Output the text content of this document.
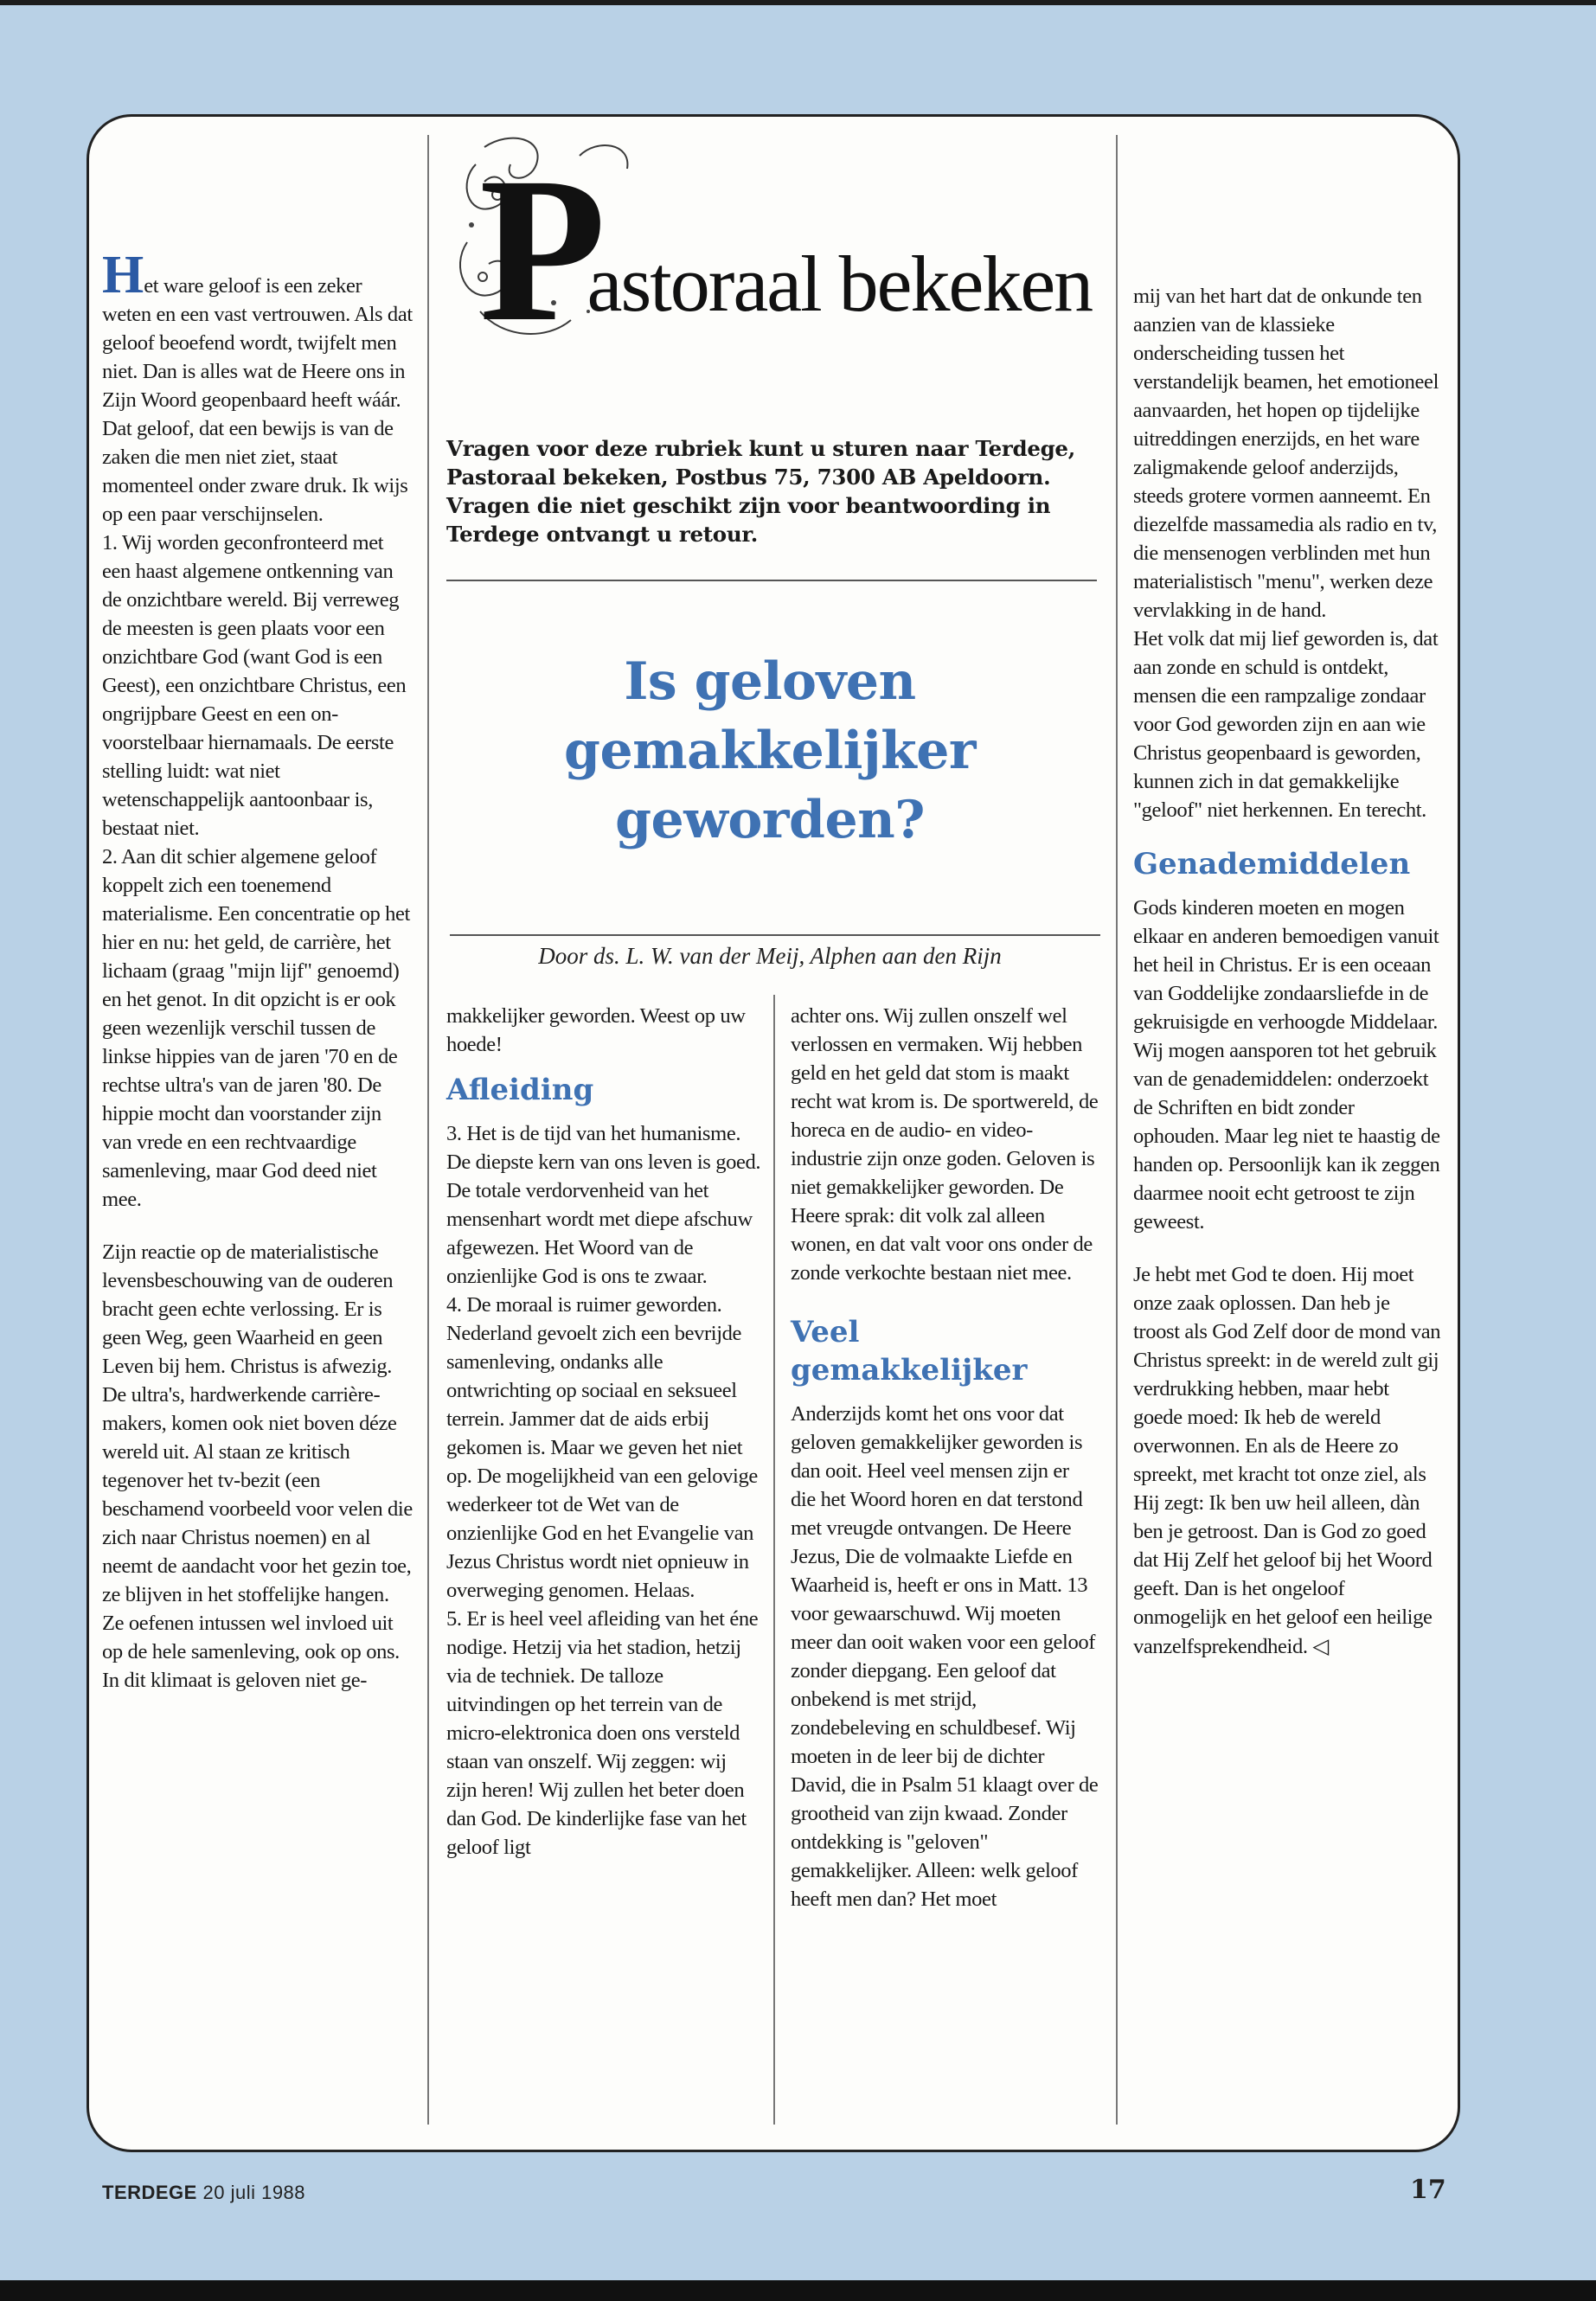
Pastoraal bekeken
Vragen voor deze rubriek kunt u sturen naar Terdege, Pastoraal bekeken, Postbus 75, 7300 AB Apeldoorn. Vragen die niet geschikt zijn voor beantwoording in Terdege ontvangt u retour.
Is geloven
gemakkelijker
geworden?
Door ds. L. W. van der Meij, Alphen aan den Rijn

Het ware geloof is een zeker weten en een vast vertrouwen. Als dat geloof beoefend wordt, twijfelt men niet. Dan is alles wat de Heere ons in Zijn Woord geopenbaard heeft wáár. Dat geloof, dat een bewijs is van de zaken die men niet ziet, staat momenteel onder zware druk. Ik wijs op een paar verschijnselen.

1. Wij worden geconfronteerd met een haast algemene ontkenning van de onzichtbare wereld. Bij verreweg de meesten is geen plaats voor een onzichtbare God (want God is een Geest), een onzichtbare Christus, een ongrijpbare Geest en een on-voorstelbaar hiernamaals. De eerste stelling luidt: wat niet wetenschappelijk aantoonbaar is, bestaat niet.

2. Aan dit schier algemene geloof koppelt zich een toenemend materialisme. Een concentratie op het hier en nu: het geld, de carrière, het lichaam (graag "mijn lijf" genoemd) en het genot. In dit opzicht is er ook geen wezenlijk verschil tussen de linkse hippies van de jaren '70 en de rechtse ultra's van de jaren '80. De hippie mocht dan voorstander zijn van vrede en een rechtvaardige samenleving, maar God deed niet mee.

Zijn reactie op de materialistische levensbeschouwing van de ouderen bracht geen echte verlossing. Er is geen Weg, geen Waarheid en geen Leven bij hem. Christus is afwezig. De ultra's, hardwerkende carrière-makers, komen ook niet boven déze wereld uit. Al staan ze kritisch tegenover het tv-bezit (een beschamend voorbeeld voor velen die zich naar Christus noemen) en al neemt de aandacht voor het gezin toe, ze blijven in het stoffelijke hangen. Ze oefenen intussen wel invloed uit op de hele samenleving, ook op ons. In dit klimaat is geloven niet ge-

makkelijker geworden. Weest op uw hoede!

Afleiding

3. Het is de tijd van het humanisme. De diepste kern van ons leven is goed. De totale verdorvenheid van het mensenhart wordt met diepe afschuw afgewezen. Het Woord van de onzienlijke God is ons te zwaar.

4. De moraal is ruimer geworden. Nederland gevoelt zich een bevrijde samenleving, ondanks alle ontwrichting op sociaal en seksueel terrein. Jammer dat de aids erbij gekomen is. Maar we geven het niet op. De mogelijkheid van een gelovige wederkeer tot de Wet van de onzienlijke God en het Evangelie van Jezus Christus wordt niet opnieuw in overweging genomen. Helaas.

5. Er is heel veel afleiding van het éne nodige. Hetzij via het stadion, hetzij via de techniek. De talloze uitvindingen op het terrein van de micro-elektronica doen ons versteld staan van onszelf. Wij zeggen: wij zijn heren! Wij zullen het beter doen dan God. De kinderlijke fase van het geloof ligt

achter ons. Wij zullen onszelf wel verlossen en vermaken. Wij hebben geld en het geld dat stom is maakt recht wat krom is. De sportwereld, de horeca en de audio- en video-industrie zijn onze goden. Geloven is niet gemakkelijker geworden. De Heere sprak: dit volk zal alleen wonen, en dat valt voor ons onder de zonde verkochte bestaan niet mee.

Veel gemakkelijker

Anderzijds komt het ons voor dat geloven gemakkelijker geworden is dan ooit. Heel veel mensen zijn er die het Woord horen en dat terstond met vreugde ontvangen. De Heere Jezus, Die de volmaakte Liefde en Waarheid is, heeft er ons in Matt. 13 voor gewaarschuwd. Wij moeten meer dan ooit waken voor een geloof zonder diepgang. Een geloof dat onbekend is met strijd, zondebeleving en schuldbesef. Wij moeten in de leer bij de dichter David, die in Psalm 51 klaagt over de grootheid van zijn kwaad. Zonder ontdekking is "geloven" gemakkelijker. Alleen: welk geloof heeft men dan? Het moet

mij van het hart dat de onkunde ten aanzien van de klassieke onderscheiding tussen het verstandelijk beamen, het emotioneel aanvaarden, het hopen op tijdelijke uitreddingen enerzijds, en het ware zaligmakende geloof anderzijds, steeds grotere vormen aanneemt. En diezelfde massamedia als radio en tv, die mensenogen verblinden met hun materialistisch "menu", werken deze vervlakking in de hand.

Het volk dat mij lief geworden is, dat aan zonde en schuld is ontdekt, mensen die een rampzalige zondaar voor God geworden zijn en aan wie Christus geopenbaard is geworden, kunnen zich in dat gemakkelijke "geloof" niet herkennen. En terecht.

Genademiddelen

Gods kinderen moeten en mogen elkaar en anderen bemoedigen vanuit het heil in Christus. Er is een oceaan van Goddelijke zondaarsliefde in de gekruisigde en verhoogde Middelaar. Wij mogen aansporen tot het gebruik van de genademiddelen: onderzoekt de Schriften en bidt zonder ophouden. Maar leg niet te haastig de handen op. Persoonlijk kan ik zeggen daarmee nooit echt getroost te zijn geweest.

Je hebt met God te doen. Hij moet onze zaak oplossen. Dan heb je troost als God Zelf door de mond van Christus spreekt: in de wereld zult gij verdrukking hebben, maar hebt goede moed: Ik heb de wereld overwonnen. En als de Heere zo spreekt, met kracht tot onze ziel, als Hij zegt: Ik ben uw heil alleen, dàn ben je getroost. Dan is God zo goed dat Hij Zelf het geloof bij het Woord geeft. Dan is het ongeloof onmogelijk en het geloof een heilige vanzelfsprekendheid. ◁

TERDEGE 20 juli 1988	17
